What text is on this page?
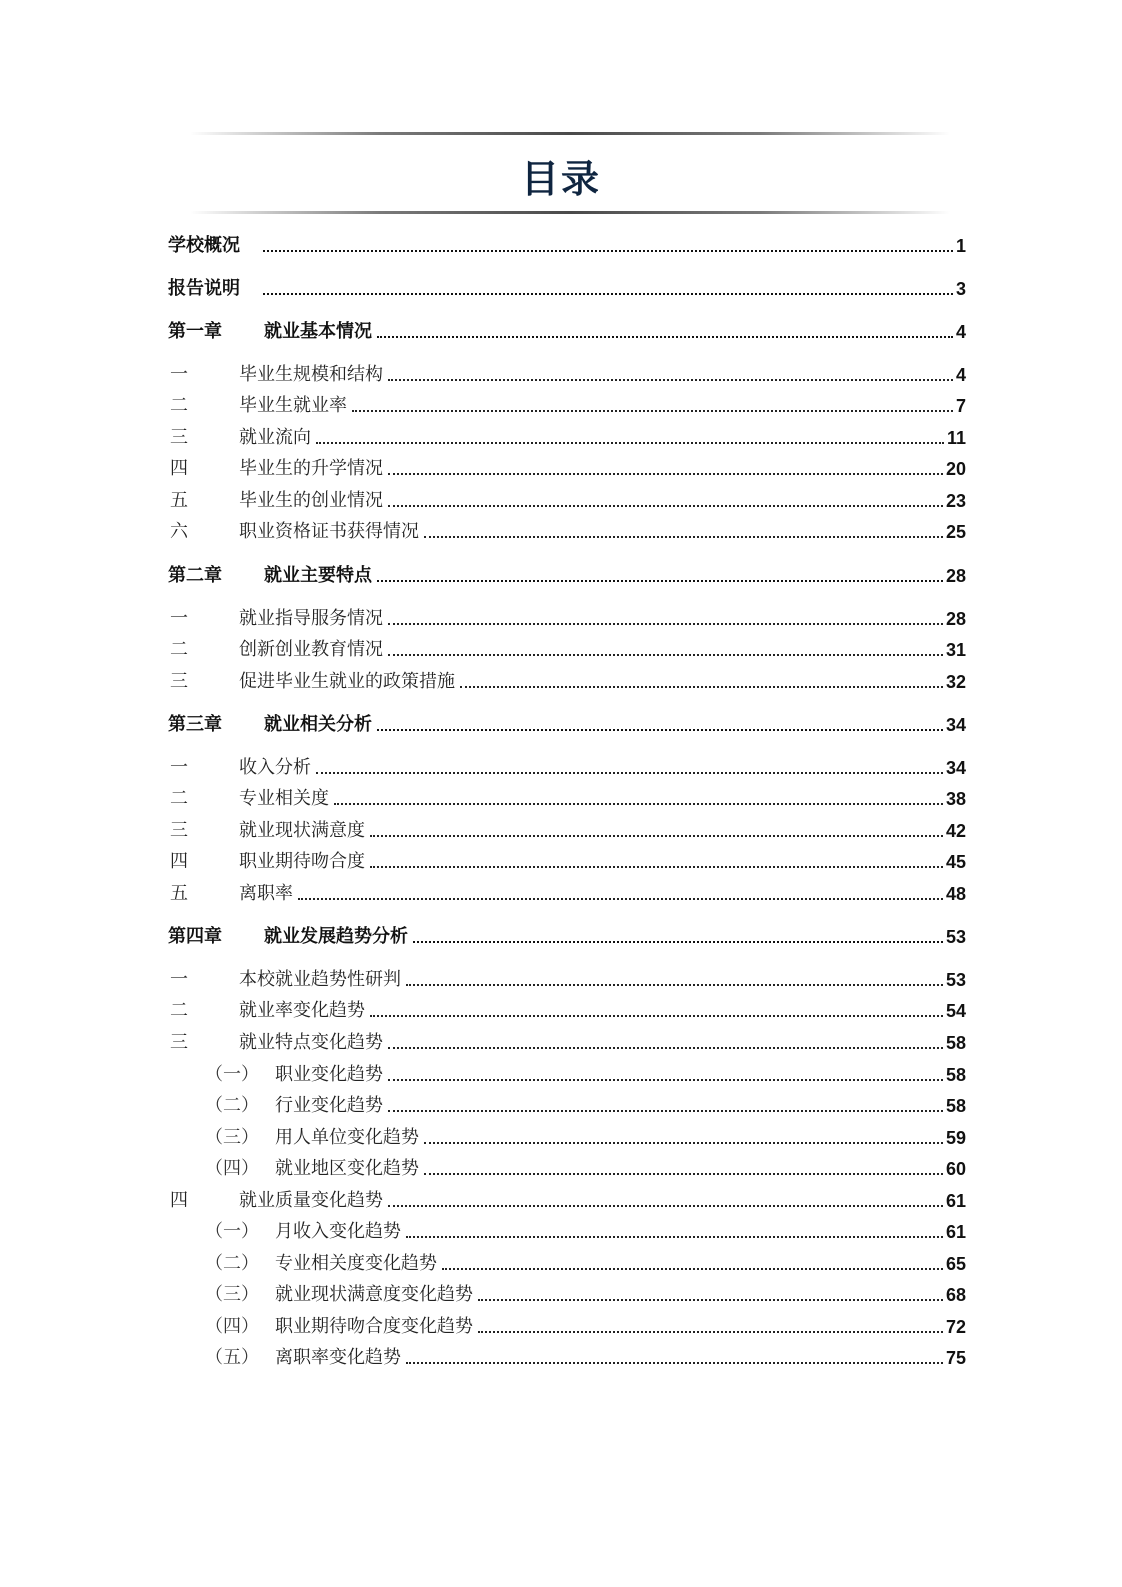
目录
学校概况	1
报告说明	3
第一章	就业基本情况	4
一	毕业生规模和结构	4
二	毕业生就业率	7
三	就业流向	11
四	毕业生的升学情况	20
五	毕业生的创业情况	23
六	职业资格证书获得情况	25
第二章	就业主要特点	28
一	就业指导服务情况	28
二	创新创业教育情况	31
三	促进毕业生就业的政策措施	32
第三章	就业相关分析	34
一	收入分析	34
二	专业相关度	38
三	就业现状满意度	42
四	职业期待吻合度	45
五	离职率	48
第四章	就业发展趋势分析	53
一	本校就业趋势性研判	53
二	就业率变化趋势	54
三	就业特点变化趋势	58
（一） 职业变化趋势	58
（二） 行业变化趋势	58
（三） 用人单位变化趋势	59
（四） 就业地区变化趋势	60
四	就业质量变化趋势	61
（一） 月收入变化趋势	61
（二） 专业相关度变化趋势	65
（三） 就业现状满意度变化趋势	68
（四） 职业期待吻合度变化趋势	72
（五） 离职率变化趋势	75
